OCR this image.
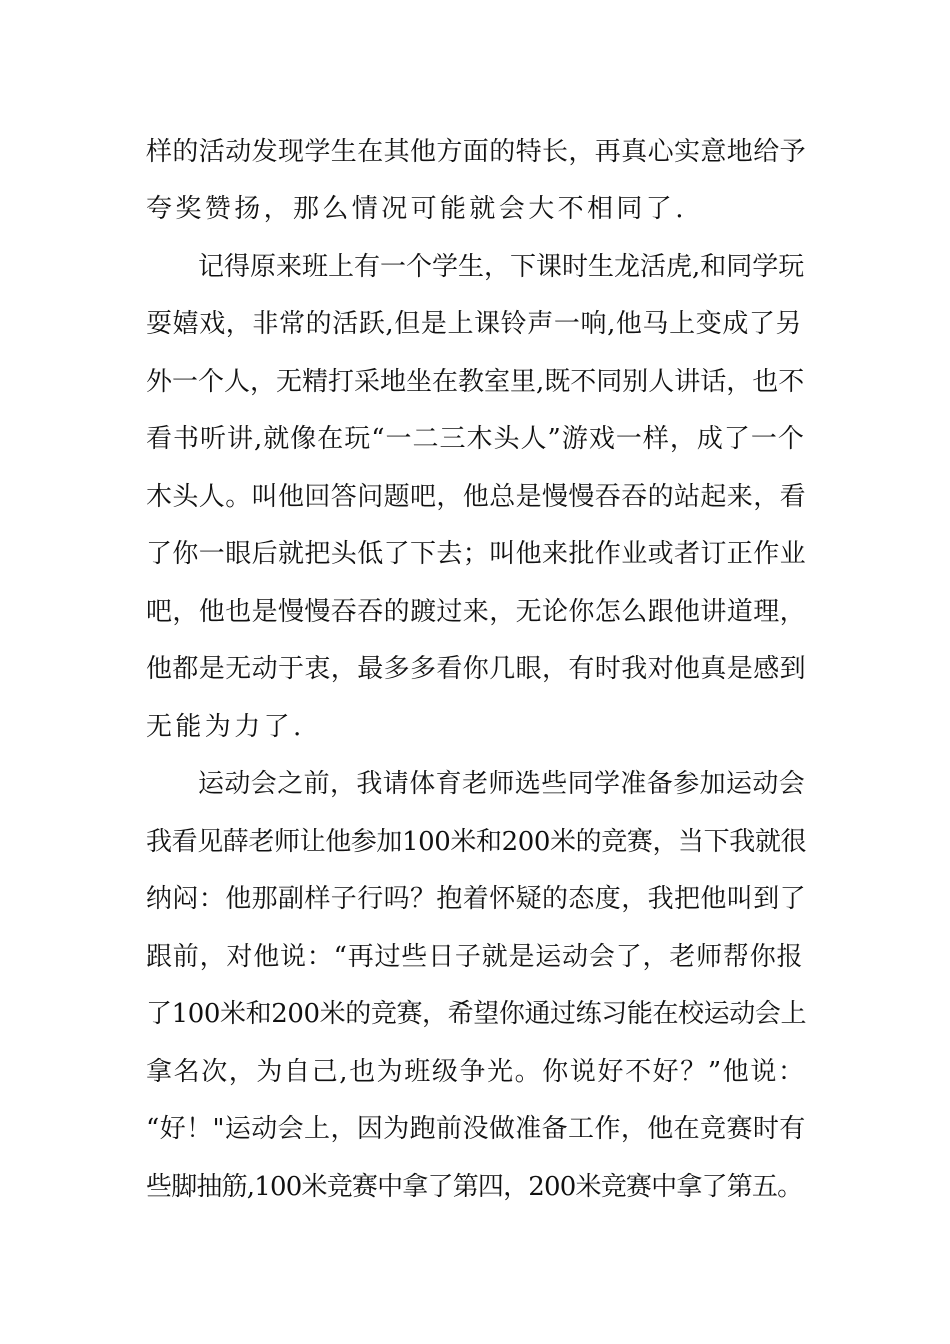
样的活动发现学生在其他方面的特长，再真心实意地给予
夸奖赞扬，那么情况可能就会大不相同了.
记得原来班上有一个学生，下课时生龙活虎,和同学玩
耍嬉戏，非常的活跃,但是上课铃声一响,他马上变成了另
外一个人，无精打采地坐在教室里,既不同别人讲话，也不
看书听讲,就像在玩“一二三木头人”游戏一样，成了一个
木头人。叫他回答问题吧，他总是慢慢吞吞的站起来，看
了你一眼后就把头低了下去；叫他来批作业或者订正作业
吧，他也是慢慢吞吞的踱过来，无论你怎么跟他讲道理，
他都是无动于衷，最多多看你几眼，有时我对他真是感到
无能为力了.
运动会之前，我请体育老师选些同学准备参加运动会
我看见薛老师让他参加100米和200米的竞赛，当下我就很
纳闷：他那副样子行吗？抱着怀疑的态度，我把他叫到了
跟前，对他说：“再过些日子就是运动会了，老师帮你报
了100米和200米的竞赛，希望你通过练习能在校运动会上
拿名次，为自己,也为班级争光。你说好不好？”他说：
“好！"运动会上，因为跑前没做准备工作，他在竞赛时有
些脚抽筋,100米竞赛中拿了第四，200米竞赛中拿了第五。
